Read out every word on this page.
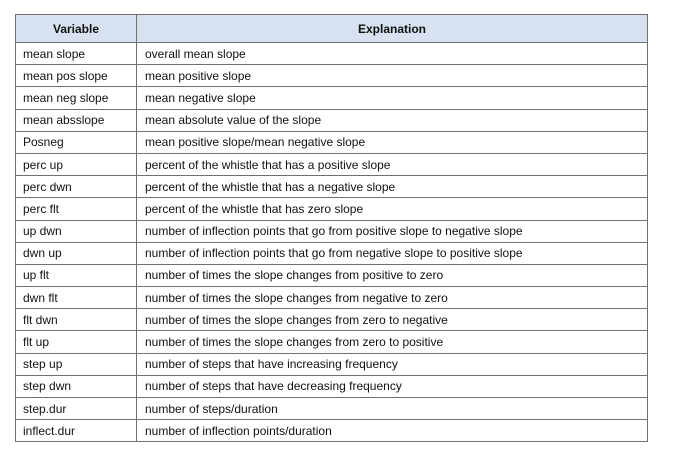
Variable	Explanation
mean slope	overall mean slope
mean pos slope	mean positive slope
mean neg slope	mean negative slope
mean absslope	mean absolute value of the slope
Posneg	mean positive slope/mean negative slope
perc up	percent of the whistle that has a positive slope
perc dwn	percent of the whistle that has a negative slope
perc flt	percent of the whistle that has zero slope
up dwn	number of inflection points that go from positive slope to negative slope
dwn up	number of inflection points that go from negative slope to positive slope
up flt	number of times the slope changes from positive to zero
dwn flt	number of times the slope changes from negative to zero
flt dwn	number of times the slope changes from zero to negative
flt up	number of times the slope changes from zero to positive
step up	number of steps that have increasing frequency
step dwn	number of steps that have decreasing frequency
step.dur	number of steps/duration
inflect.dur	number of inflection points/duration
